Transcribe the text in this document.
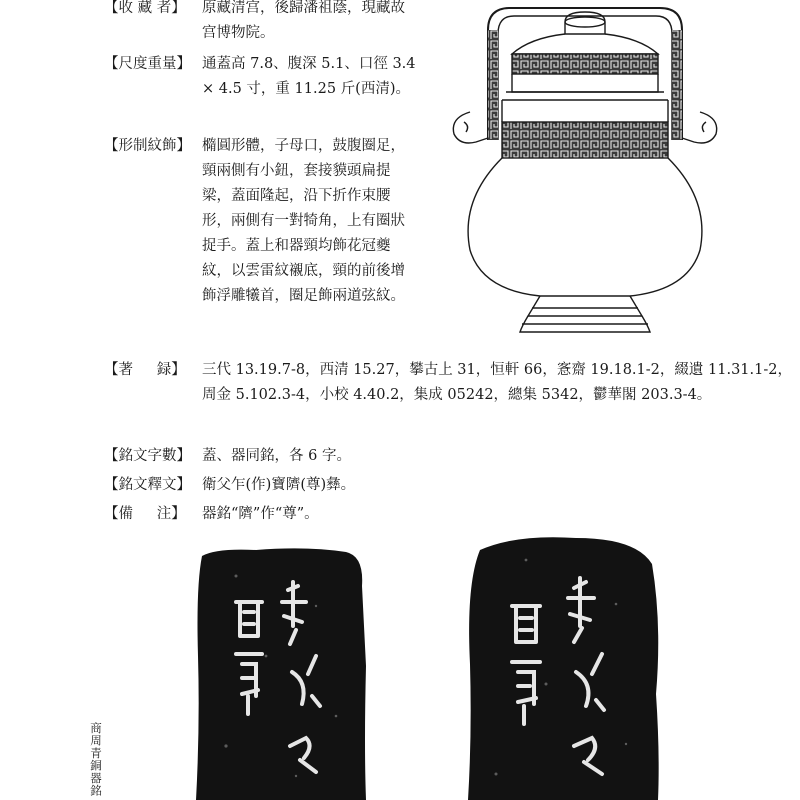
【收 藏 者】	原藏清宫，後歸潘祖蔭，現藏故宫博物院。
【尺度重量】 通蓋高 7.8、腹深 5.1、口徑 3.4 × 4.5 寸，重 11.25 斤(西清)。
【形制紋飾】 橢圓形體，子母口，鼓腹圈足，頸兩側有小鈕，套接貘頭扁提梁，蓋面隆起，沿下折作束腰形，兩側有一對犄角，上有圈狀捉手。蓋上和器頸均飾花冠夔紋，以雲雷紋襯底，頸的前後增飾浮雕犧首，圈足飾兩道弦紋。
【著 　 録】	三代 13.19.7-8，西清 15.27，攀古上 31，恒軒 66，愙齋 19.18.1-2，綴遺 11.31.1-2，周金 5.102.3-4，小校 4.40.2，集成 05242，總集 5342，鬱華閣 203.3-4。
【銘文字數】 蓋、器同銘，各 6 字。
【銘文釋文】 衛父乍(作)寶隮(尊)彝。
【備 　 注】	器銘“隮”作“尊”。
商周青銅器銘
